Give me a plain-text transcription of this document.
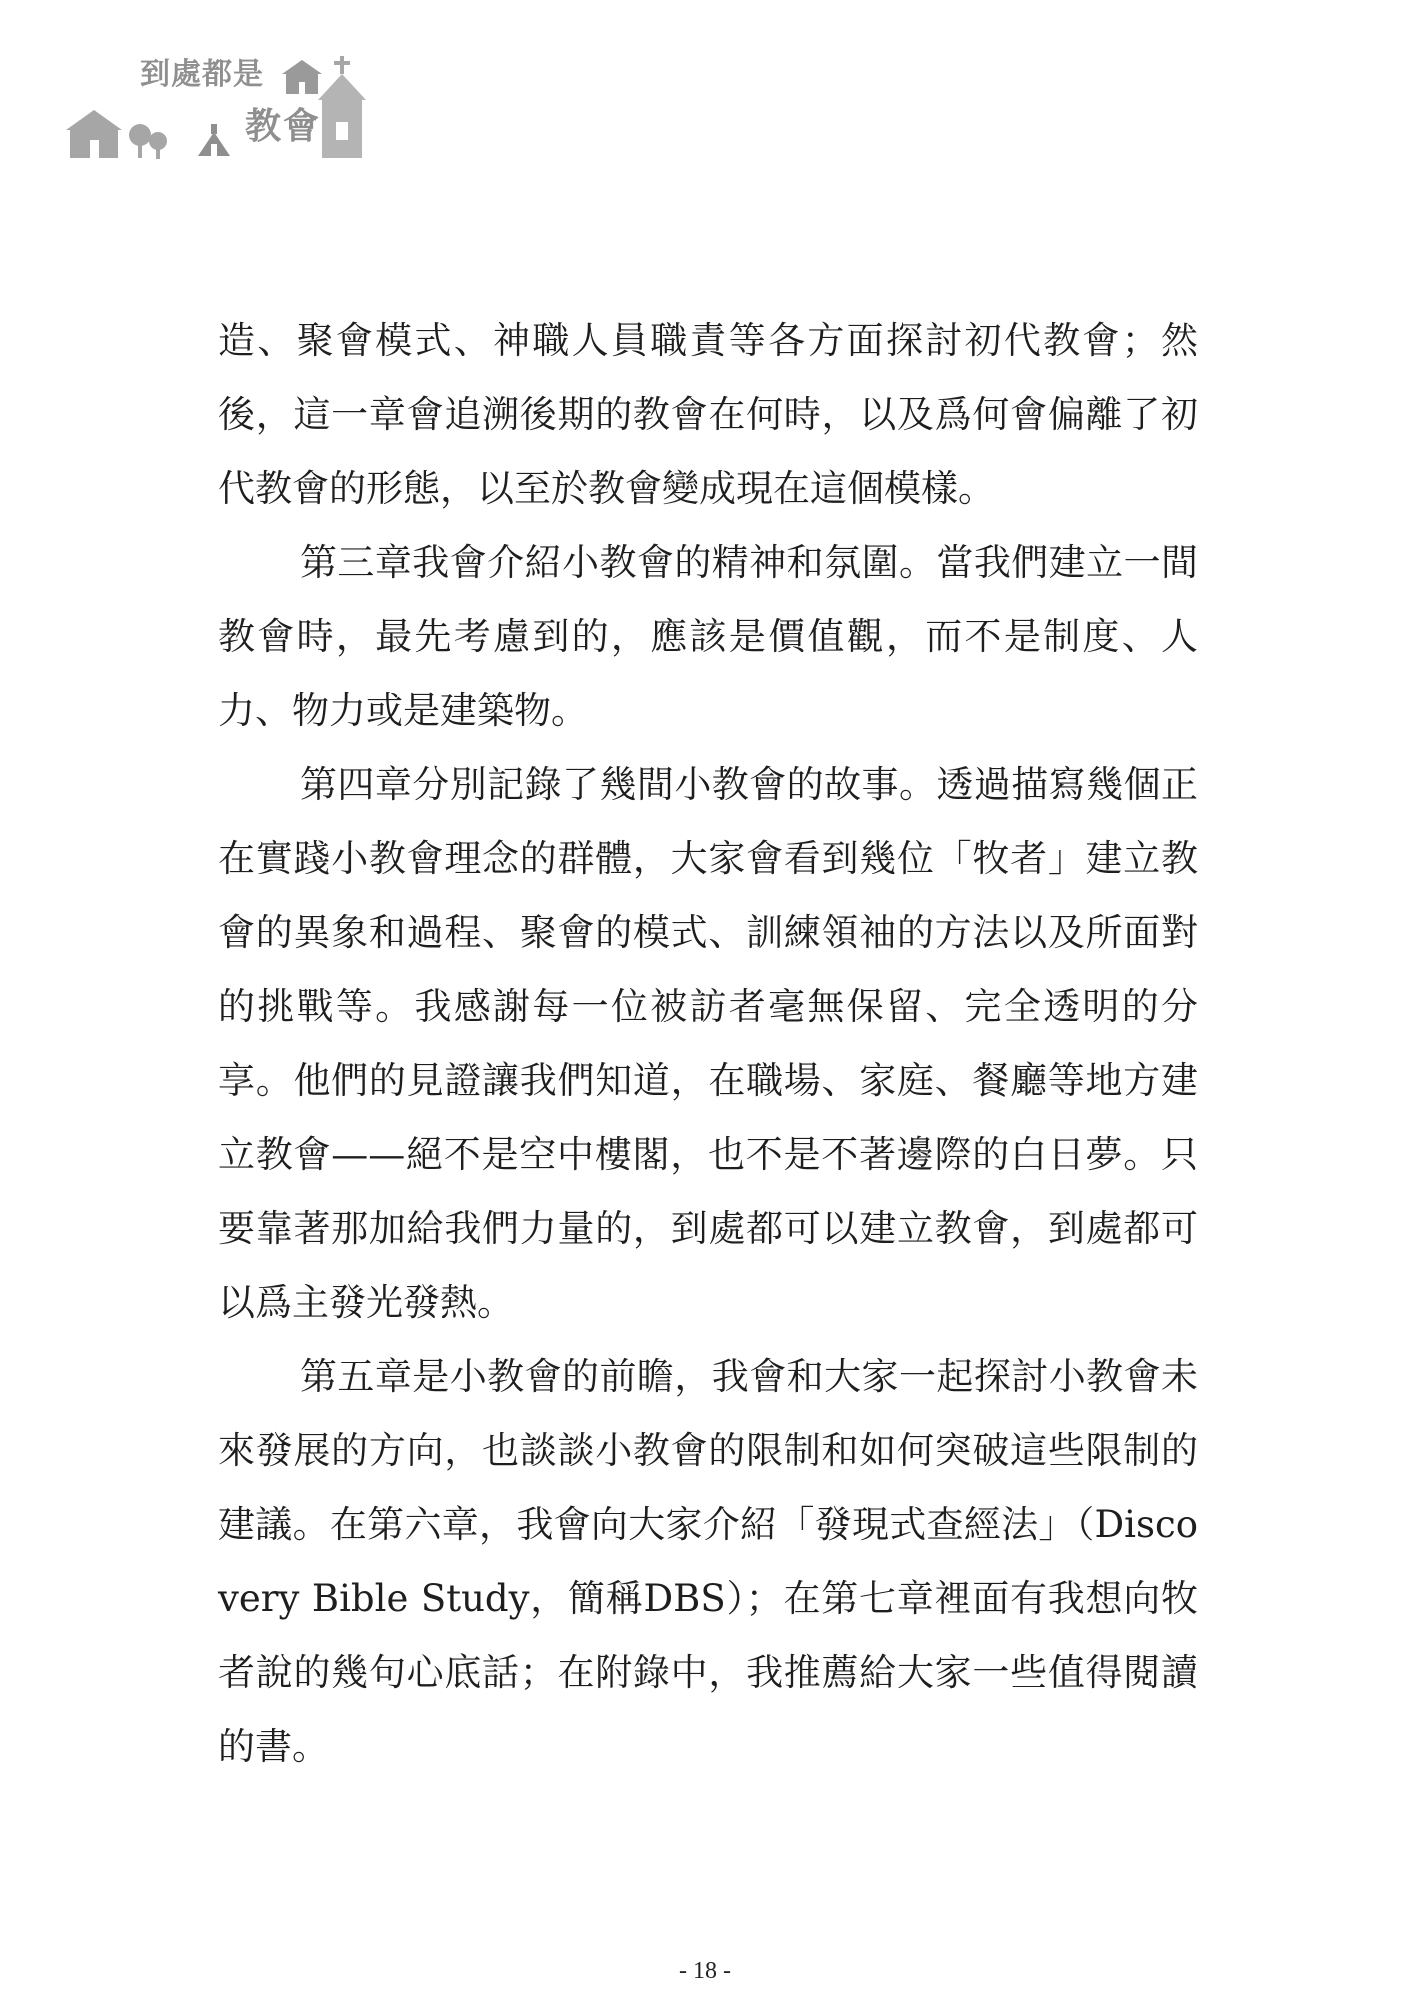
到處都是
教會

造、聚會模式、神職人員職責等各方面探討初代教會；然後，這一章會追溯後期的教會在何時，以及爲何會偏離了初代教會的形態，以至於教會變成現在這個模樣。

第三章我會介紹小教會的精神和氛圍。當我們建立一間教會時，最先考慮到的，應該是價值觀，而不是制度、人力、物力或是建築物。

第四章分別記錄了幾間小教會的故事。透過描寫幾個正在實踐小教會理念的群體，大家會看到幾位「牧者」建立教會的異象和過程、聚會的模式、訓練領袖的方法以及所面對的挑戰等。我感謝每一位被訪者毫無保留、完全透明的分享。他們的見證讓我們知道，在職場、家庭、餐廳等地方建立教會——絕不是空中樓閣，也不是不著邊際的白日夢。只要靠著那加給我們力量的，到處都可以建立教會，到處都可以爲主發光發熱。

第五章是小教會的前瞻，我會和大家一起探討小教會未來發展的方向，也談談小教會的限制和如何突破這些限制的建議。在第六章，我會向大家介紹「發現式查經法」（Discovery Bible Study，簡稱DBS）；在第七章裡面有我想向牧者說的幾句心底話；在附錄中，我推薦給大家一些值得閱讀的書。

- 18 -
